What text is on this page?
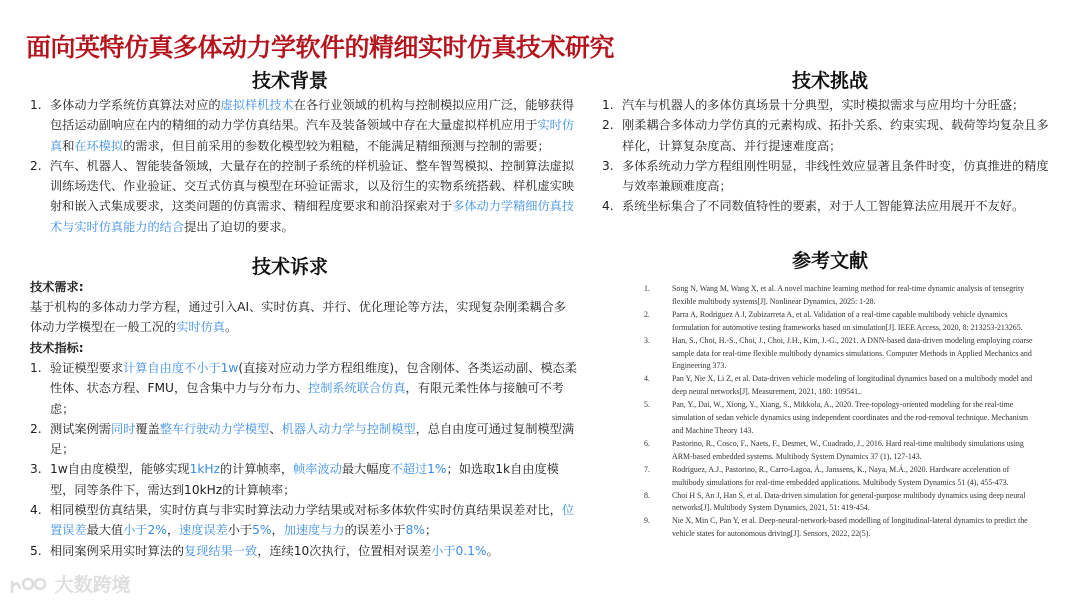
面向英特仿真多体动力学软件的精细实时仿真技术研究
技术背景
1. 多体动力学系统仿真算法对应的虚拟样机技术在各行业领域的机构与控制模拟应用广泛，能够获得包括运动副响应在内的精细的动力学仿真结果。汽车及装备领域中存在大量虚拟样机应用于实时仿真和在环模拟的需求，但目前采用的参数化模型较为粗糙，不能满足精细预测与控制的需要；
2. 汽车、机器人、智能装备领域，大量存在的控制子系统的样机验证、整车智驾模拟、控制算法虚拟训练场迭代、作业验证、交互式仿真与模型在环验证需求，以及衍生的实物系统搭载、样机虚实映射和嵌入式集成要求，这类问题的仿真需求、精细程度要求和前沿探索对于多体动力学精细仿真技术与实时仿真能力的结合提出了迫切的要求。
技术诉求
技术需求:
基于机构的多体动力学方程，通过引入AI、实时仿真、并行、优化理论等方法，实现复杂刚柔耦合多体动力学模型在一般工况的实时仿真。
技术指标:
1. 验证模型要求计算自由度不小于1w(直接对应动力学方程组维度)，包含刚体、各类运动副、模态柔性体、状态方程、FMU，包含集中力与分布力、控制系统联合仿真，有限元柔性体与接触可不考虑；
2. 测试案例需同时覆盖整车行驶动力学模型、机器人动力学与控制模型，总自由度可通过复制模型满足；
3. 1w自由度模型，能够实现1kHz的计算帧率，帧率波动最大幅度不超过1%；如选取1k自由度模型，同等条件下，需达到10kHz的计算帧率；
4. 相同模型仿真结果，实时仿真与非实时算法动力学结果或对标多体软件实时仿真结果误差对比，位置误差最大值小于2%，速度误差小于5%，加速度与力的误差小于8%；
5. 相同案例采用实时算法的复现结果一致，连续10次执行，位置相对误差小于0.1%。
技术挑战
1. 汽车与机器人的多体仿真场景十分典型，实时模拟需求与应用均十分旺盛；
2. 刚柔耦合多体动力学仿真的元素构成、拓扑关系、约束实现、载荷等均复杂且多样化，计算复杂度高、并行提速难度高；
3. 多体系统动力学方程组刚性明显，非线性效应显著且条件时变，仿真推进的精度与效率兼顾难度高；
4. 系统坐标集合了不同数值特性的要素，对于人工智能算法应用展开不友好。
参考文献
1.	Song N, Wang M, Wang X, et al. A novel machine learning method for real-time dynamic analysis of tensegrity flexible multibody systems[J]. Nonlinear Dynamics, 2025: 1-28.
2.	Parra A, Rodriguez A J, Zubizarreta A, et al. Validation of a real-time capable multibody vehicle dynamics formulation for automotive testing frameworks based on simulation[J]. IEEE Access, 2020, 8: 213253-213265.
3.	Han, S., Choi, H.-S., Choi, J., Choi, J.H., Kim, J.-G., 2021. A DNN-based data-driven modeling employing coarse sample data for real-time flexible multibody dynamics simulations. Computer Methods in Applied Mechanics and Engineering 373.
4.	Pan Y, Nie X, Li Z, et al. Data-driven vehicle modeling of longitudinal dynamics based on a multibody model and deep neural networks[J]. Measurement, 2021, 180: 109541..
5.	Pan, Y., Dai, W., Xiong, Y., Xiang, S., Mikkola, A., 2020. Tree-topology-oriented modeling for the real-time simulation of sedan vehicle dynamics using independent coordinates and the rod-removal technique. Mechanism and Machine Theory 143.
6.	Pastorino, R., Cosco, F., Naets, F., Desmet, W., Cuadrado, J., 2016. Hard real-time multibody simulations using ARM-based embedded systems. Multibody System Dynamics 37 (1), 127-143.
7.	Rodriguez, A.J., Pastorino, R., Carro-Lagoa, Á., Janssens, K., Naya, M.Á., 2020. Hardware acceleration of multibody simulations for real-time embedded applications. Multibody System Dynamics 51 (4), 455-473.
8.	Choi H S, An J, Han S, et al. Data-driven simulation for general-purpose multibody dynamics using deep neural networks[J]. Multibody System Dynamics, 2021, 51: 419-454.
9.	Nie X, Min C, Pan Y, et al. Deep-neural-network-based modelling of longitudinal-lateral dynamics to predict the vehicle states for autonomous driving[J]. Sensors, 2022, 22(5).
大数跨境
